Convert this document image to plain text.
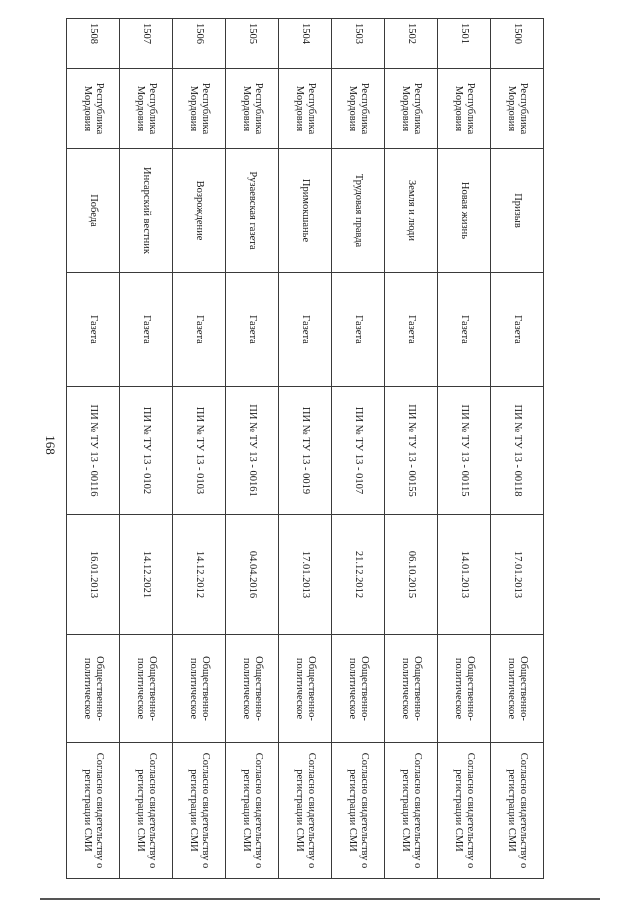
168
1500	Республика Мордовия	Призыв	Газета	ПИ № ТУ 13 - 00118	17.01.2013	Общественно-политическое	Согласно свидетельству о регистрации СМИ
1501	Республика Мордовия	Новая жизнь	Газета	ПИ № ТУ 13 - 00115	14.01.2013	Общественно-политическое	Согласно свидетельству о регистрации СМИ
1502	Республика Мордовия	Земля и люди	Газета	ПИ № ТУ 13 - 00155	06.10.2015	Общественно-политическое	Согласно свидетельству о регистрации СМИ
1503	Республика Мордовия	Трудовая правда	Газета	ПИ № ТУ 13 - 0107	21.12.2012	Общественно-политическое	Согласно свидетельству о регистрации СМИ
1504	Республика Мордовия	Примокшанье	Газета	ПИ № ТУ 13 - 0019	17.01.2013	Общественно-политическое	Согласно свидетельству о регистрации СМИ
1505	Республика Мордовия	Рузаевская газета	Газета	ПИ № ТУ 13 - 00161	04.04.2016	Общественно-политическое	Согласно свидетельству о регистрации СМИ
1506	Республика Мордовия	Возрождение	Газета	ПИ № ТУ 13 - 0103	14.12.2012	Общественно-политическое	Согласно свидетельству о регистрации СМИ
1507	Республика Мордовия	Инсарский вестник	Газета	ПИ № ТУ 13 - 0102	14.12.2021	Общественно-политическое	Согласно свидетельству о регистрации СМИ
1508	Республика Мордовия	Победа	Газета	ПИ № ТУ 13 - 00116	16.01.2013	Общественно-политическое	Согласно свидетельству о регистрации СМИ
